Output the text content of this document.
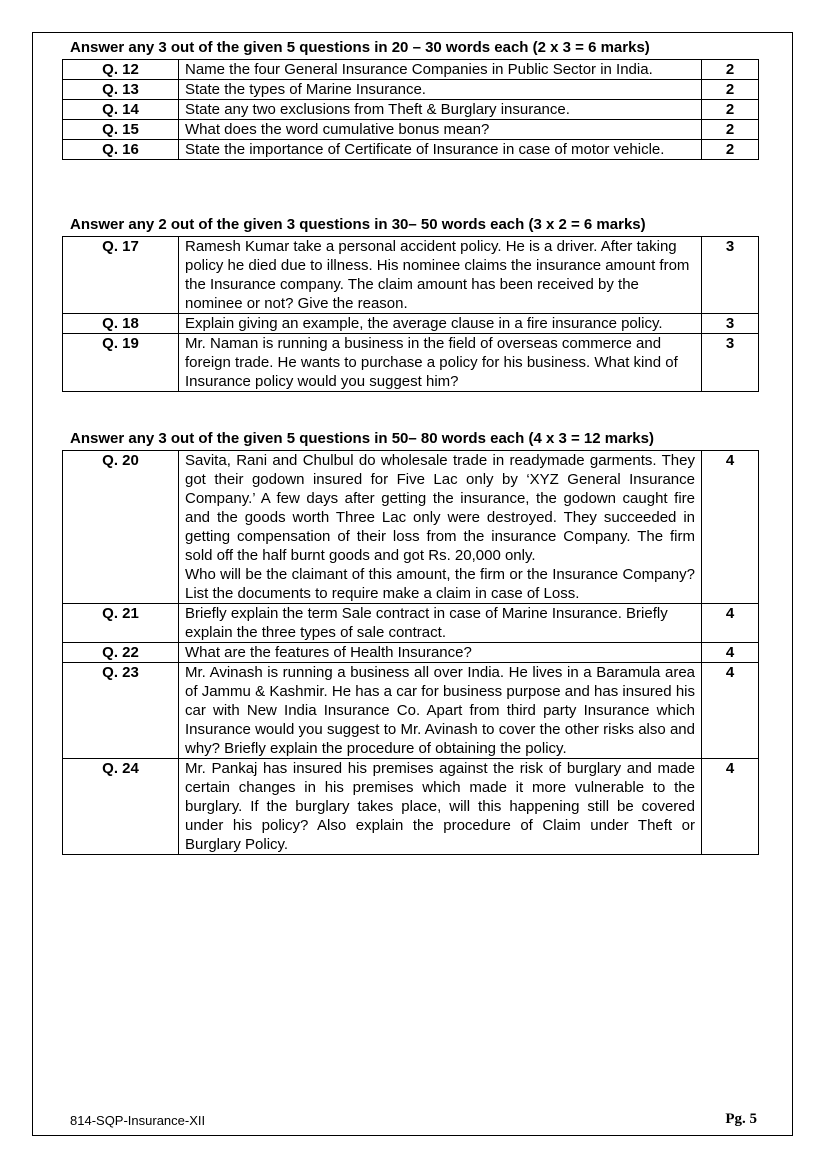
Answer any 3 out of the given 5 questions in 20 – 30 words each (2 x 3 = 6 marks)
Q. 12	Name the four General Insurance Companies in Public Sector in India.	2
Q. 13	State the types of Marine Insurance.	2
Q. 14	State any two exclusions from Theft & Burglary insurance.	2
Q. 15	What does the word cumulative bonus mean?	2
Q. 16	State the importance of Certificate of Insurance in case of motor vehicle.	2
Answer any 2 out of the given 3 questions in 30– 50 words each (3 x 2 = 6 marks)
Q. 17	Ramesh Kumar take a personal accident policy. He is a driver. After taking policy he died due to illness. His nominee claims the insurance amount from the Insurance company. The claim amount has been received by the nominee or not? Give the reason.	3
Q. 18	Explain giving an example, the average clause in a fire insurance policy.	3
Q. 19	Mr. Naman is running a business in the field of overseas commerce and foreign trade. He wants to purchase a policy for his business. What kind of Insurance policy would you suggest him?	3
Answer any 3 out of the given 5 questions in 50– 80 words each (4 x 3 = 12 marks)
Q. 20	Savita, Rani and Chulbul do wholesale trade in readymade garments. They got their godown insured for Five Lac only by ‘XYZ General Insurance Company.’ A few days after getting the insurance, the godown caught fire and the goods worth Three Lac only were destroyed. They succeeded in getting compensation of their loss from the insurance Company. The firm sold off the half burnt goods and got Rs. 20,000 only.
Who will be the claimant of this amount, the firm or the Insurance Company? List the documents to require make a claim in case of Loss.	4
Q. 21	Briefly explain the term Sale contract in case of Marine Insurance. Briefly explain the three types of sale contract.	4
Q. 22	What are the features of Health Insurance?	4
Q. 23	Mr. Avinash is running a business all over India. He lives in a Baramula area of Jammu & Kashmir. He has a car for business purpose and has insured his car with New India Insurance Co. Apart from third party Insurance which Insurance would you suggest to Mr. Avinash to cover the other risks also and why? Briefly explain the procedure of obtaining the policy.	4
Q. 24	Mr. Pankaj has insured his premises against the risk of burglary and made certain changes in his premises which made it more vulnerable to the burglary. If the burglary takes place, will this happening still be covered under his policy? Also explain the procedure of Claim under Theft or Burglary Policy.	4
814-SQP-Insurance-XII	Pg. 5
